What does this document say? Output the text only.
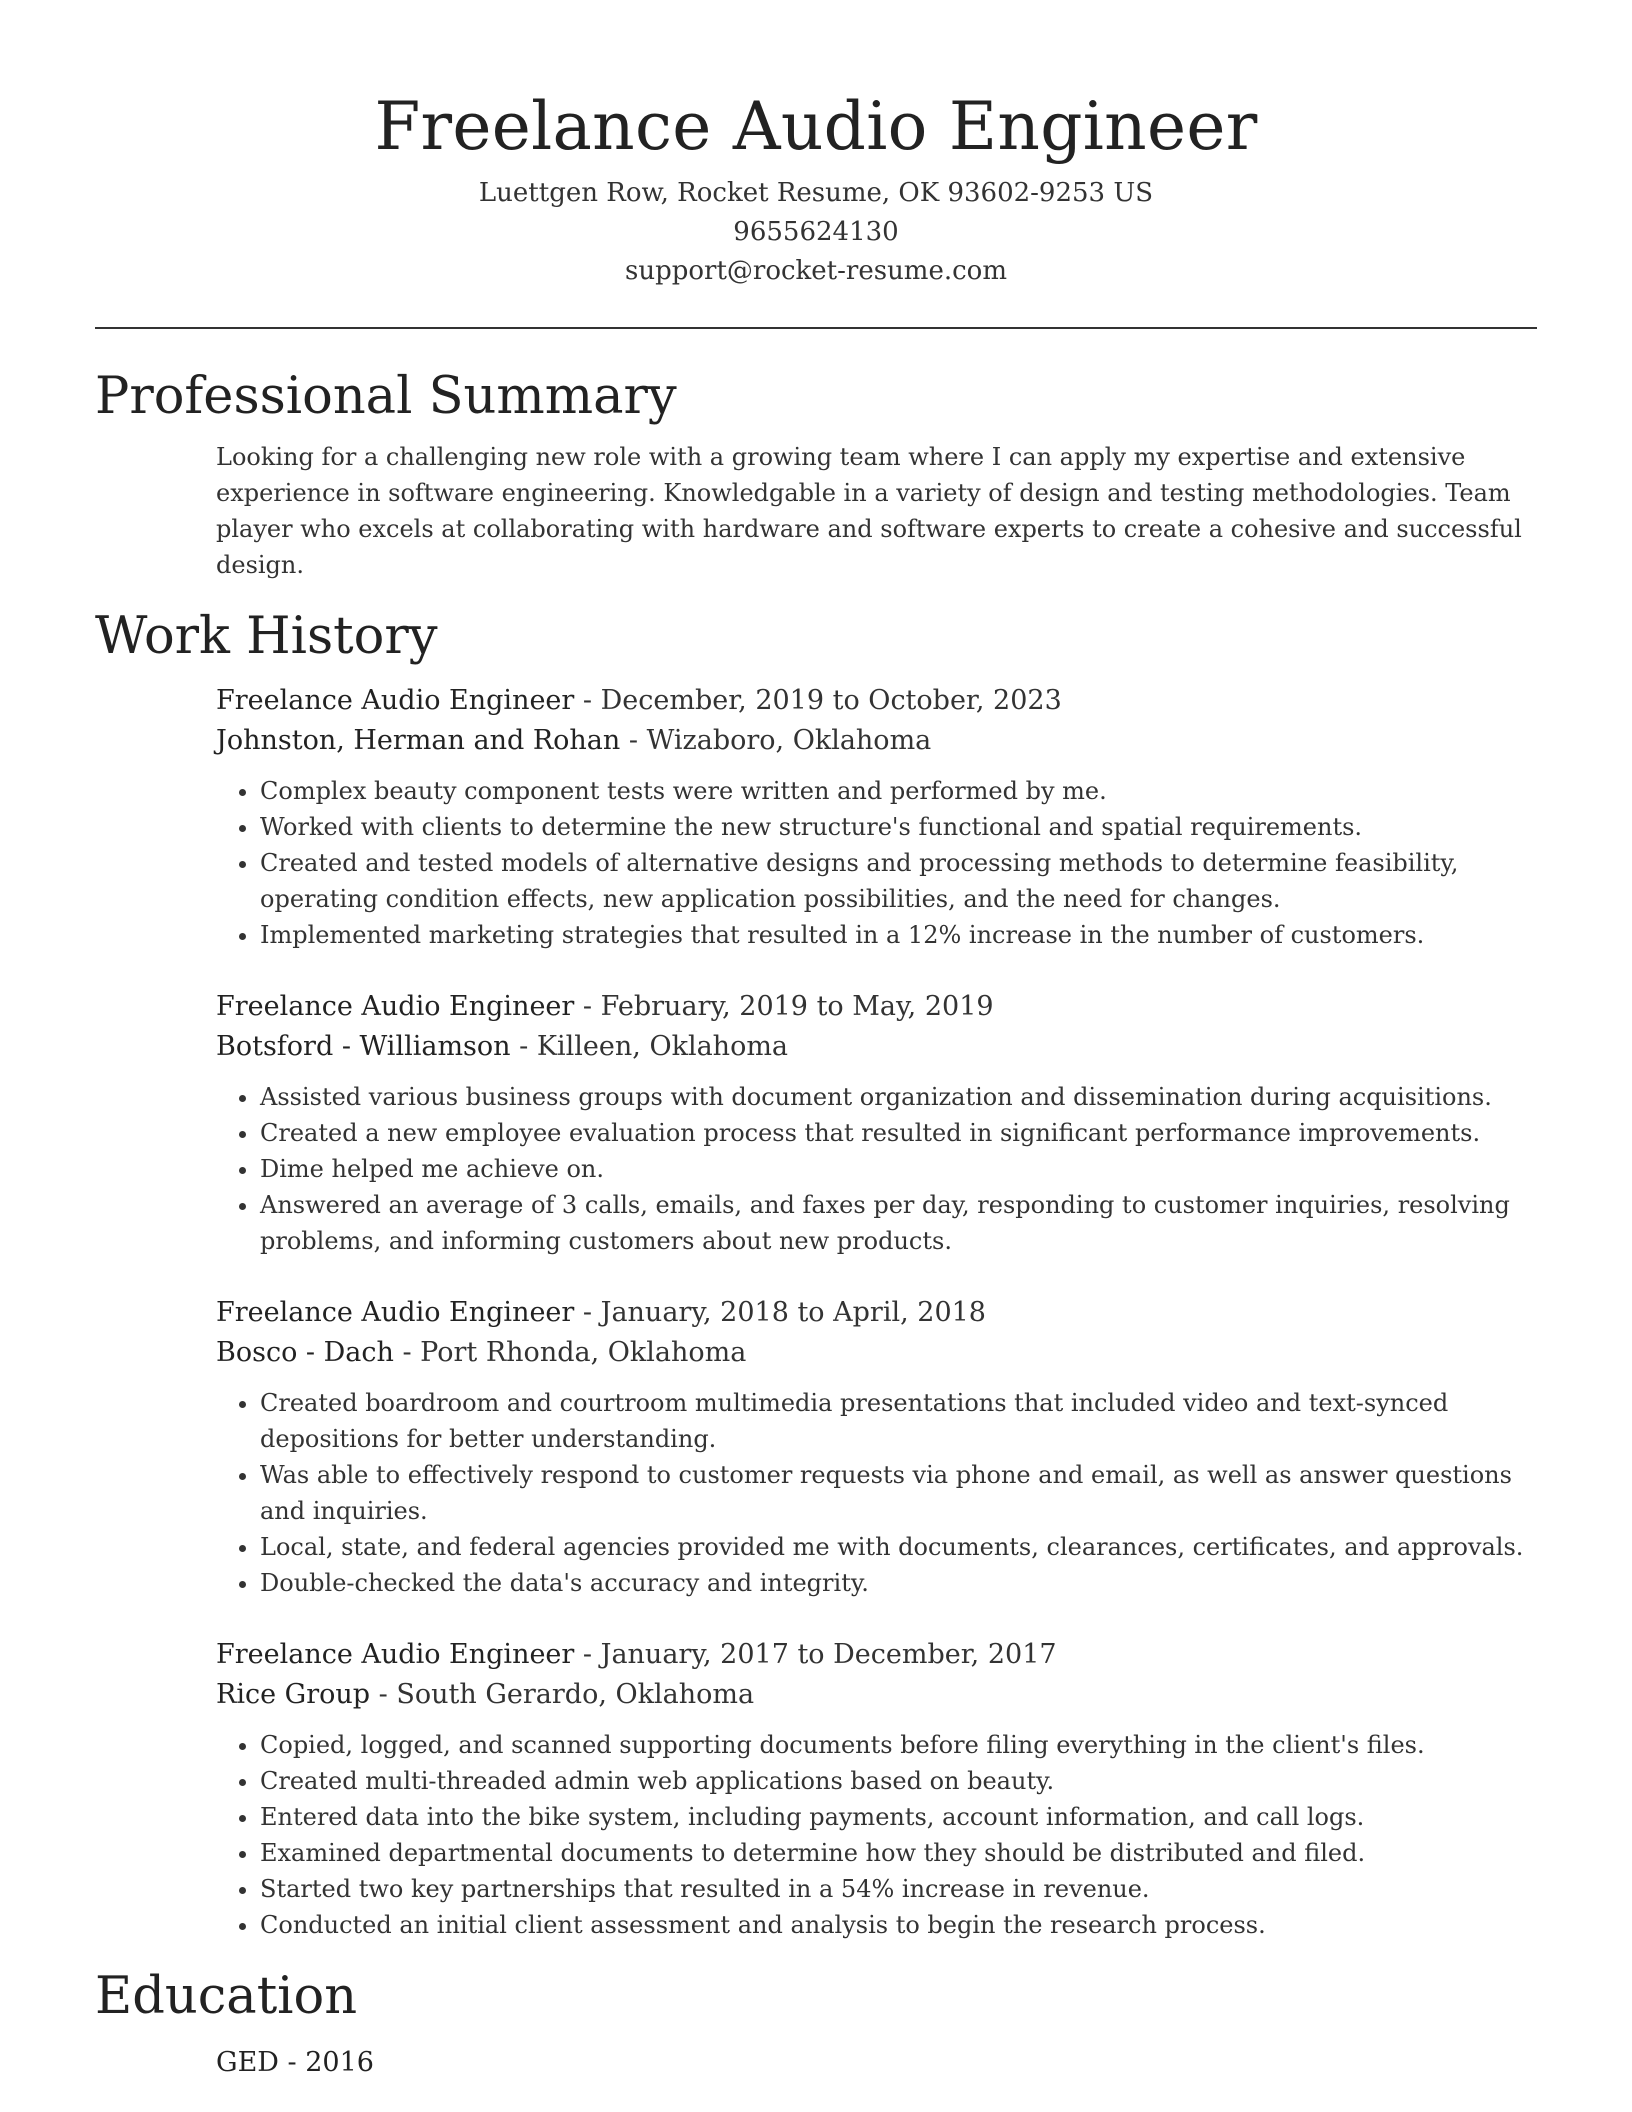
Freelance Audio Engineer
Luettgen Row, Rocket Resume, OK 93602-9253 US
9655624130
support@rocket-resume.com
Professional Summary
Looking for a challenging new role with a growing team where I can apply my expertise and extensive experience in software engineering. Knowledgable in a variety of design and testing methodologies. Team player who excels at collaborating with hardware and software experts to create a cohesive and successful design.
Work History
Freelance Audio Engineer - December, 2019 to October, 2023
Johnston, Herman and Rohan - Wizaboro, Oklahoma
• Complex beauty component tests were written and performed by me.
• Worked with clients to determine the new structure's functional and spatial requirements.
• Created and tested models of alternative designs and processing methods to determine feasibility, operating condition effects, new application possibilities, and the need for changes.
• Implemented marketing strategies that resulted in a 12% increase in the number of customers.
Freelance Audio Engineer - February, 2019 to May, 2019
Botsford - Williamson - Killeen, Oklahoma
• Assisted various business groups with document organization and dissemination during acquisitions.
• Created a new employee evaluation process that resulted in significant performance improvements.
• Dime helped me achieve on.
• Answered an average of 3 calls, emails, and faxes per day, responding to customer inquiries, resolving problems, and informing customers about new products.
Freelance Audio Engineer - January, 2018 to April, 2018
Bosco - Dach - Port Rhonda, Oklahoma
• Created boardroom and courtroom multimedia presentations that included video and text-synced depositions for better understanding.
• Was able to effectively respond to customer requests via phone and email, as well as answer questions and inquiries.
• Local, state, and federal agencies provided me with documents, clearances, certificates, and approvals.
• Double-checked the data's accuracy and integrity.
Freelance Audio Engineer - January, 2017 to December, 2017
Rice Group - South Gerardo, Oklahoma
• Copied, logged, and scanned supporting documents before filing everything in the client's files.
• Created multi-threaded admin web applications based on beauty.
• Entered data into the bike system, including payments, account information, and call logs.
• Examined departmental documents to determine how they should be distributed and filed.
• Started two key partnerships that resulted in a 54% increase in revenue.
• Conducted an initial client assessment and analysis to begin the research process.
Education
GED - 2016
